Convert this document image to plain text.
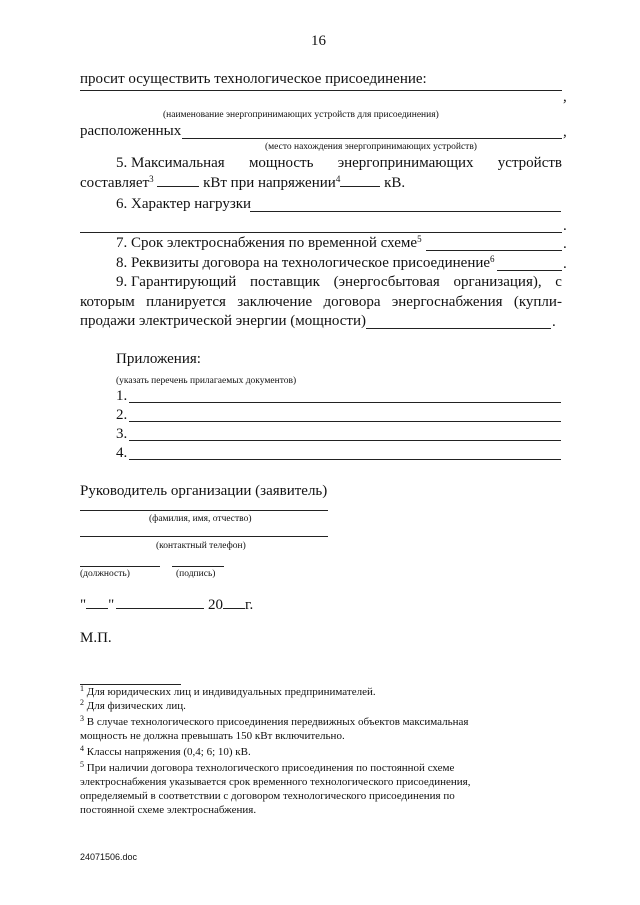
16
просит осуществить технологическое присоединение:
,
(наименование энергопринимающих устройств для присоединения)
расположенных	,
(место нахождения энергопринимающих устройств)
5. Максимальная мощность энергопринимающих устройств
составляет$^3$	кВт при напряжении$^4$	кВ.
6. Характер нагрузки
.
7. Срок электроснабжения по временной схеме$^5$	.
8. Реквизиты договора на технологическое присоединение$^6$	.
9. Гарантирующий поставщик (энергосбытовая организация), с
которым планируется заключение договора энергоснабжения (купли-
продажи электрической энергии (мощности)	.
Приложения:
(указать перечень прилагаемых документов)
1.
2.
3.
4.
Руководитель организации (заявитель)
(фамилия, имя, отчество)
(контактный телефон)
(должность)	(подпись)
" "	20 г.
М.П.
$^1$ Для юридических лиц и индивидуальных предпринимателей.
$^2$ Для физических лиц.
$^3$ В случае технологического присоединения передвижных объектов максимальная
мощность не должна превышать 150 кВт включительно.
$^4$ Классы напряжения (0,4; 6; 10) кВ.
$^5$ При наличии договора технологического присоединения по постоянной схеме
электроснабжения указывается срок временного технологического присоединения,
определяемый в соответствии с договором технологического присоединения по
постоянной схеме электроснабжения.
24071506.doc
